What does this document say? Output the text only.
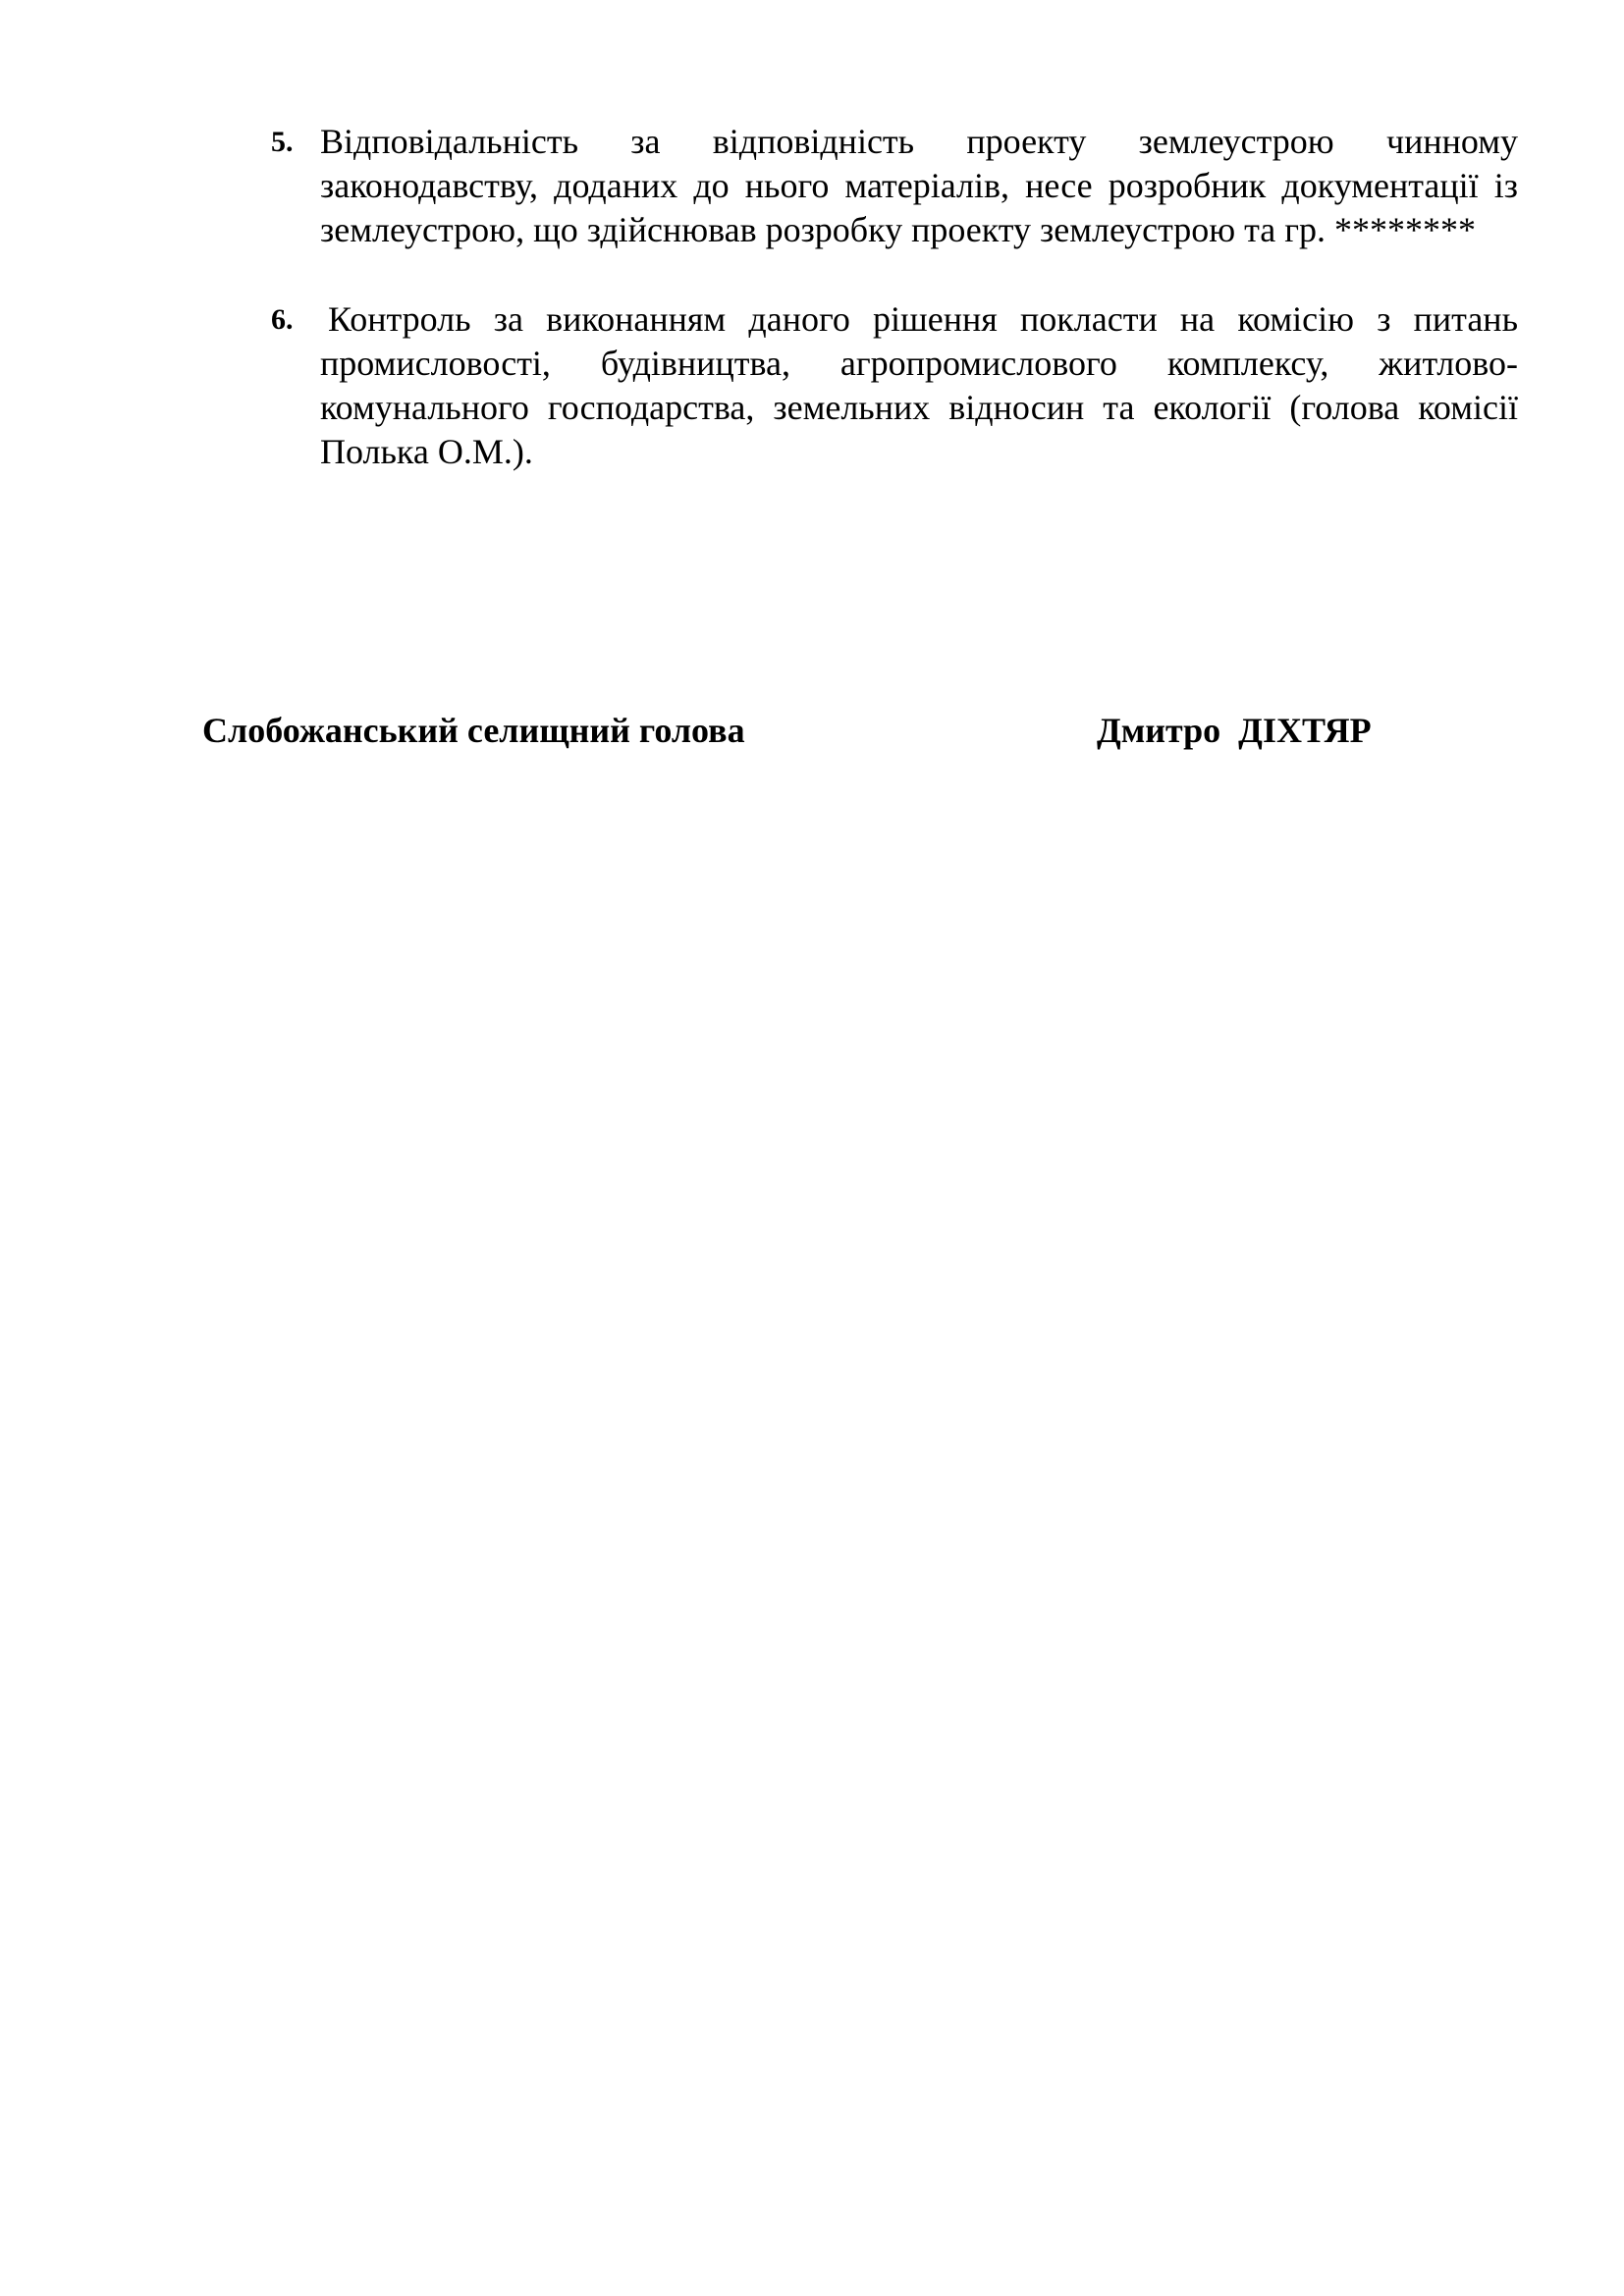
5. Відповідальність за відповідність проекту землеустрою чинному законодавству, доданих до нього матеріалів, несе розробник документації із землеустрою, що здійснював розробку проекту землеустрою та гр. ********
6. Контроль за виконанням даного рішення покласти на комісію з питань промисловості, будівництва, агропромислового комплексу, житлово-комунального господарства, земельних відносин та екології (голова комісії Полька О.М.).
Слобожанський селищний голова	Дмитро  ДІХТЯР
